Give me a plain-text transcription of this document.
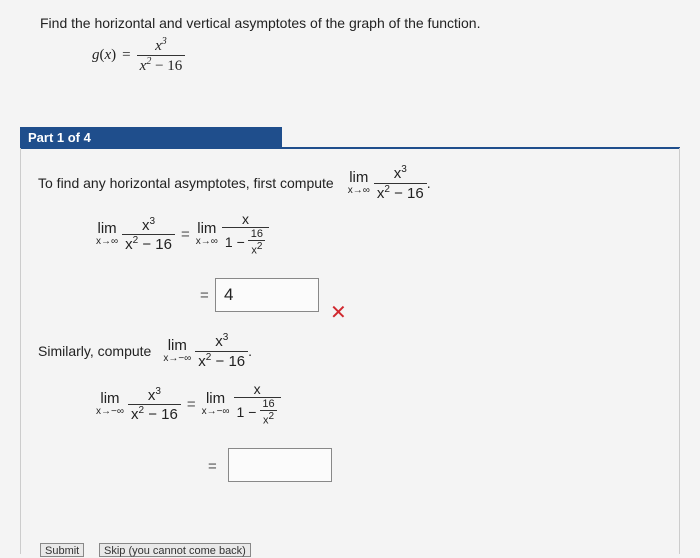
Find the horizontal and vertical asymptotes of the graph of the function.
g ( x ) = $\frac{x^3}{x^2 - 16}$
Part 1 of 4
To find any horizontal asymptotes, first compute lim
$x\to\infty \frac{x^3}{x^2 - 16}$ .
lim
$x\to\infty \frac{x^3}{x^2 - 16} = \lim$
$x\to\infty \frac{x}{1 - \frac{16}{x^2}}$
= 4
✕
Similarly, compute lim
$x\to-\infty \frac{x^3}{x^2 - 16}$ .
lim
$x\to-\infty \frac{x^3}{x^2 - 16} = \lim$
$x\to-\infty \frac{x}{1 - \frac{16}{x^2}}$
=
Submit	Skip (you cannot come back)
